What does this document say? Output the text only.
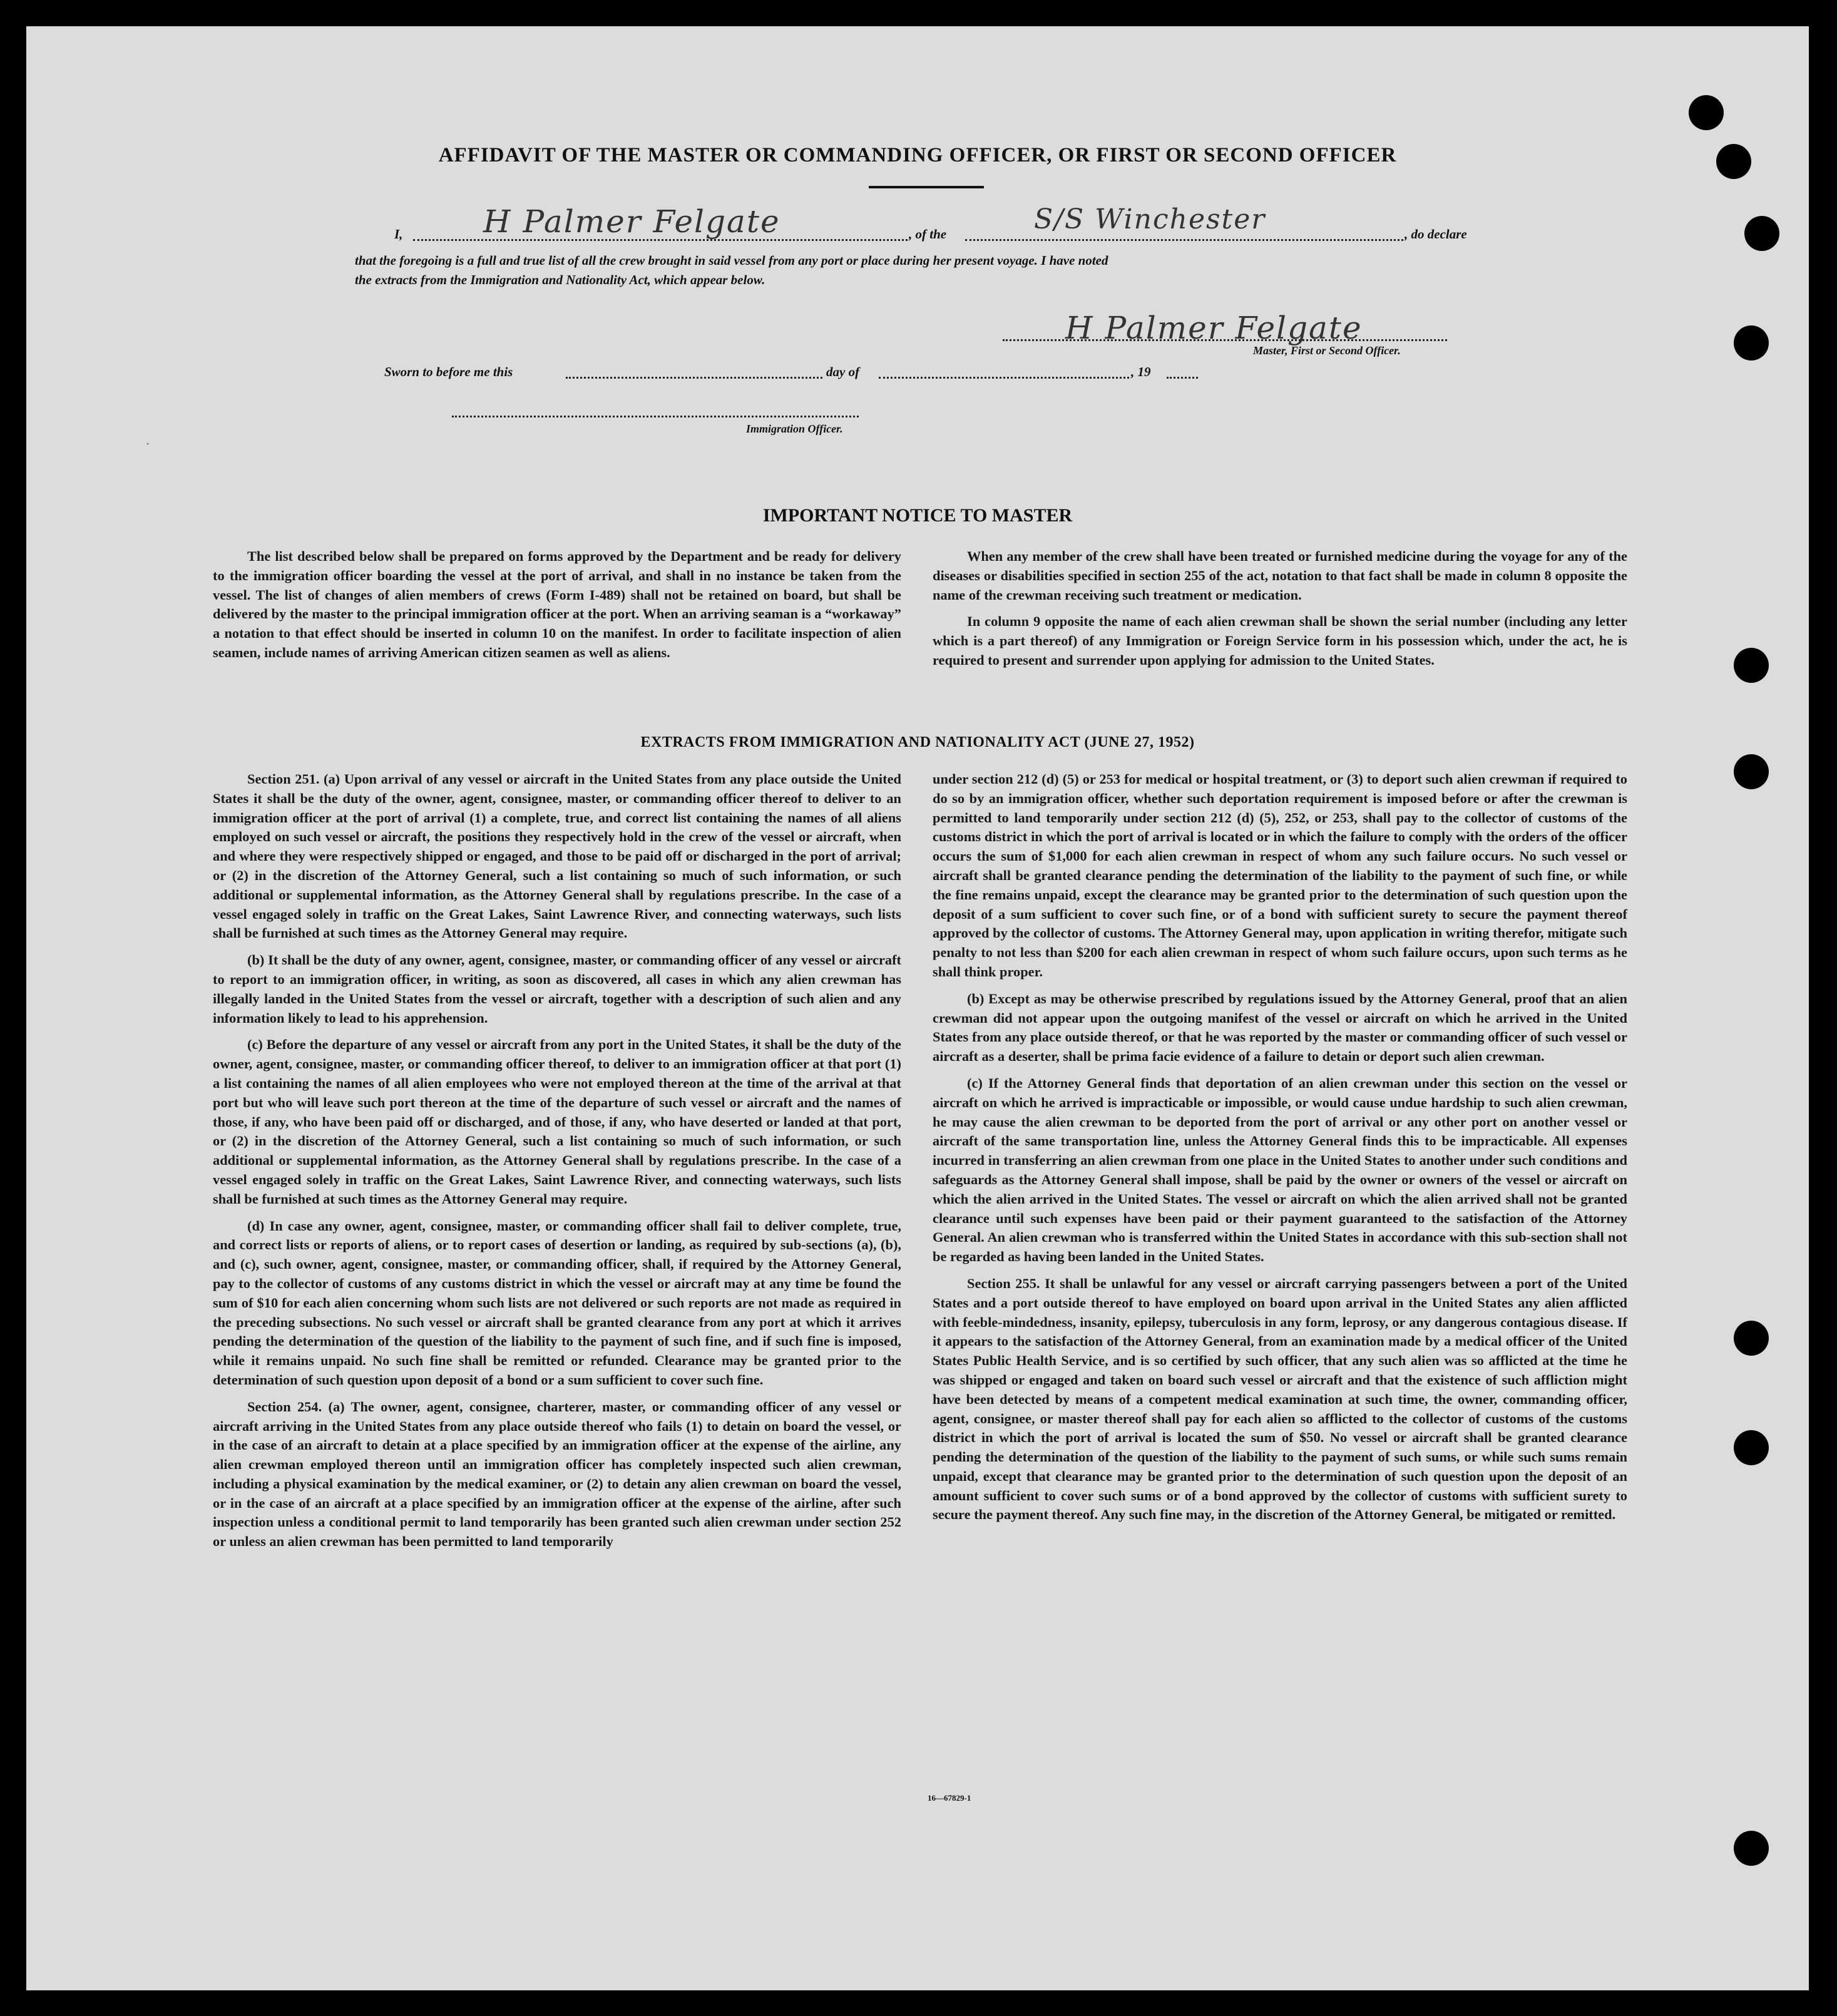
AFFIDAVIT OF THE MASTER OR COMMANDING OFFICER, OR FIRST OR SECOND OFFICER
I,	H Palmer Felgate	, of the	S/S Winchester	, do declare
that the foregoing is a full and true list of all the crew brought in said vessel from any port or place during her present voyage. I have noted
the extracts from the Immigration and Nationality Act, which appear below.
H Palmer Felgate
Master, First or Second Officer.
Sworn to before me this	day of	, 19
Immigration Officer.
·
IMPORTANT NOTICE TO MASTER

The list described below shall be prepared on forms approved by the Department and be ready for delivery to the immigration officer boarding the vessel at the port of arrival, and shall in no instance be taken from the vessel. The list of changes of alien members of crews (Form I-489) shall not be retained on board, but shall be delivered by the master to the principal immigration officer at the port. When an arriving seaman is a “workaway” a notation to that effect should be inserted in column 10 on the manifest. In order to facilitate inspection of alien seamen, include names of arriving American citizen seamen as well as aliens.

When any member of the crew shall have been treated or furnished medicine during the voyage for any of the diseases or disabilities specified in section 255 of the act, notation to that fact shall be made in column 8 opposite the name of the crewman receiving such treatment or medication.

In column 9 opposite the name of each alien crewman shall be shown the serial number (including any letter which is a part thereof) of any Immigration or Foreign Service form in his possession which, under the act, he is required to present and surrender upon applying for admission to the United States.

EXTRACTS FROM IMMIGRATION AND NATIONALITY ACT (JUNE 27, 1952)

Section 251. (a) Upon arrival of any vessel or aircraft in the United States from any place outside the United States it shall be the duty of the owner, agent, consignee, master, or commanding officer thereof to deliver to an immigration officer at the port of arrival (1) a complete, true, and correct list containing the names of all aliens employed on such vessel or aircraft, the positions they respectively hold in the crew of the vessel or aircraft, when and where they were respectively shipped or engaged, and those to be paid off or discharged in the port of arrival; or (2) in the discretion of the Attorney General, such a list containing so much of such information, or such additional or supplemental information, as the Attorney General shall by regulations prescribe. In the case of a vessel engaged solely in traffic on the Great Lakes, Saint Lawrence River, and connecting waterways, such lists shall be furnished at such times as the Attorney General may require.

(b) It shall be the duty of any owner, agent, consignee, master, or commanding officer of any vessel or aircraft to report to an immigration officer, in writing, as soon as discovered, all cases in which any alien crewman has illegally landed in the United States from the vessel or aircraft, together with a description of such alien and any information likely to lead to his apprehension.

(c) Before the departure of any vessel or aircraft from any port in the United States, it shall be the duty of the owner, agent, consignee, master, or commanding officer thereof, to deliver to an immigration officer at that port (1) a list containing the names of all alien employees who were not employed thereon at the time of the arrival at that port but who will leave such port thereon at the time of the departure of such vessel or aircraft and the names of those, if any, who have been paid off or discharged, and of those, if any, who have deserted or landed at that port, or (2) in the discretion of the Attorney General, such a list containing so much of such information, or such additional or supplemental information, as the Attorney General shall by regulations prescribe. In the case of a vessel engaged solely in traffic on the Great Lakes, Saint Lawrence River, and connecting waterways, such lists shall be furnished at such times as the Attorney General may require.

(d) In case any owner, agent, consignee, master, or commanding officer shall fail to deliver complete, true, and correct lists or reports of aliens, or to report cases of desertion or landing, as required by sub-sections (a), (b), and (c), such owner, agent, consignee, master, or commanding officer, shall, if required by the Attorney General, pay to the collector of customs of any customs district in which the vessel or aircraft may at any time be found the sum of $10 for each alien concerning whom such lists are not delivered or such reports are not made as required in the preceding subsections. No such vessel or aircraft shall be granted clearance from any port at which it arrives pending the determination of the question of the liability to the payment of such fine, and if such fine is imposed, while it remains unpaid. No such fine shall be remitted or refunded. Clearance may be granted prior to the determination of such question upon deposit of a bond or a sum sufficient to cover such fine.

Section 254. (a) The owner, agent, consignee, charterer, master, or commanding officer of any vessel or aircraft arriving in the United States from any place outside thereof who fails (1) to detain on board the vessel, or in the case of an aircraft to detain at a place specified by an immigration officer at the expense of the airline, any alien crewman employed thereon until an immigration officer has completely inspected such alien crewman, including a physical examination by the medical examiner, or (2) to detain any alien crewman on board the vessel, or in the case of an aircraft at a place specified by an immigration officer at the expense of the airline, after such inspection unless a conditional permit to land temporarily has been granted such alien crewman under section 252 or unless an alien crewman has been permitted to land temporarily

under section 212 (d) (5) or 253 for medical or hospital treatment, or (3) to deport such alien crewman if required to do so by an immigration officer, whether such deportation requirement is imposed before or after the crewman is permitted to land temporarily under section 212 (d) (5), 252, or 253, shall pay to the collector of customs of the customs district in which the port of arrival is located or in which the failure to comply with the orders of the officer occurs the sum of $1,000 for each alien crewman in respect of whom any such failure occurs. No such vessel or aircraft shall be granted clearance pending the determination of the liability to the payment of such fine, or while the fine remains unpaid, except the clearance may be granted prior to the determination of such question upon the deposit of a sum sufficient to cover such fine, or of a bond with sufficient surety to secure the payment thereof approved by the collector of customs. The Attorney General may, upon application in writing therefor, mitigate such penalty to not less than $200 for each alien crewman in respect of whom such failure occurs, upon such terms as he shall think proper.

(b) Except as may be otherwise prescribed by regulations issued by the Attorney General, proof that an alien crewman did not appear upon the outgoing manifest of the vessel or aircraft on which he arrived in the United States from any place outside thereof, or that he was reported by the master or commanding officer of such vessel or aircraft as a deserter, shall be prima facie evidence of a failure to detain or deport such alien crewman.

(c) If the Attorney General finds that deportation of an alien crewman under this section on the vessel or aircraft on which he arrived is impracticable or impossible, or would cause undue hardship to such alien crewman, he may cause the alien crewman to be deported from the port of arrival or any other port on another vessel or aircraft of the same transportation line, unless the Attorney General finds this to be impracticable. All expenses incurred in transferring an alien crewman from one place in the United States to another under such conditions and safeguards as the Attorney General shall impose, shall be paid by the owner or owners of the vessel or aircraft on which the alien arrived in the United States. The vessel or aircraft on which the alien arrived shall not be granted clearance until such expenses have been paid or their payment guaranteed to the satisfaction of the Attorney General. An alien crewman who is transferred within the United States in accordance with this sub-section shall not be regarded as having been landed in the United States.

Section 255. It shall be unlawful for any vessel or aircraft carrying passengers between a port of the United States and a port outside thereof to have employed on board upon arrival in the United States any alien afflicted with feeble-mindedness, insanity, epilepsy, tuberculosis in any form, leprosy, or any dangerous contagious disease. If it appears to the satisfaction of the Attorney General, from an examination made by a medical officer of the United States Public Health Service, and is so certified by such officer, that any such alien was so afflicted at the time he was shipped or engaged and taken on board such vessel or aircraft and that the existence of such affliction might have been detected by means of a competent medical examination at such time, the owner, commanding officer, agent, consignee, or master thereof shall pay for each alien so afflicted to the collector of customs of the customs district in which the port of arrival is located the sum of $50. No vessel or aircraft shall be granted clearance pending the determination of the question of the liability to the payment of such sums, or while such sums remain unpaid, except that clearance may be granted prior to the determination of such question upon the deposit of an amount sufficient to cover such sums or of a bond approved by the collector of customs with sufficient surety to secure the payment thereof. Any such fine may, in the discretion of the Attorney General, be mitigated or remitted.

16—67829-1
